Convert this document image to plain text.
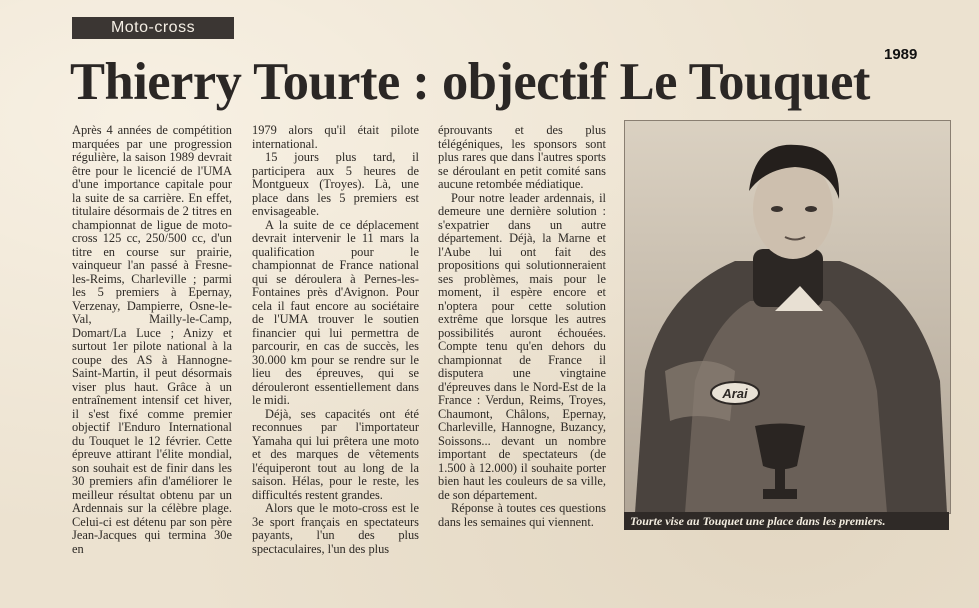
Moto-cross
1989
Thierry Tourte : objectif Le Touquet

Après 4 années de compétition marquées par une progression régulière, la saison 1989 devrait être pour le licencié de l'UMA d'une importance capitale pour la suite de sa carrière. En effet, titulaire désormais de 2 titres en championnat de ligue de moto-cross 125 cc, 250/500 cc, d'un titre en course sur prairie, vainqueur l'an passé à Fresne-les-Reims, Charleville ; parmi les 5 premiers à Epernay, Verzenay, Dampierre, Osne-le-Val, Mailly-le-Camp, Domart/La Luce ; Anizy et surtout 1er pilote national à la coupe des AS à Hannogne-Saint-Martin, il peut désormais viser plus haut. Grâce à un entraînement intensif cet hiver, il s'est fixé comme premier objectif l'Enduro International du Touquet le 12 février. Cette épreuve attirant l'élite mondial, son souhait est de finir dans les 30 premiers afin d'améliorer le meilleur résultat obtenu par un Ardennais sur la célèbre plage. Celui-ci est détenu par son père Jean-Jacques qui termina 30e en

1979 alors qu'il était pilote international.

15 jours plus tard, il participera aux 5 heures de Montgueux (Troyes). Là, une place dans les 5 premiers est envisageable.

A la suite de ce déplacement devrait intervenir le 11 mars la qualification pour le championnat de France national qui se déroulera à Pernes-les-Fontaines près d'Avignon. Pour cela il faut encore au sociétaire de l'UMA trouver le soutien financier qui lui permettra de parcourir, en cas de succès, les 30.000 km pour se rendre sur le lieu des épreuves, qui se dérouleront essentiellement dans le midi.

Déjà, ses capacités ont été reconnues par l'importateur Yamaha qui lui prêtera une moto et des marques de vêtements l'équiperont tout au long de la saison. Hélas, pour le reste, les difficultés restent grandes.

Alors que le moto-cross est le 3e sport français en spectateurs payants, l'un des plus spectaculaires, l'un des plus

éprouvants et des plus télégéniques, les sponsors sont plus rares que dans l'autres sports se déroulant en petit comité sans aucune retombée médiatique.

Pour notre leader ardennais, il demeure une dernière solution : s'expatrier dans un autre département. Déjà, la Marne et l'Aube lui ont fait des propositions qui solutionneraient ses problèmes, mais pour le moment, il espère encore et n'optera pour cette solution extrême que lorsque les autres possibilités auront échouées. Compte tenu qu'en dehors du championnat de France il disputera une vingtaine d'épreuves dans le Nord-Est de la France : Verdun, Reims, Troyes, Chaumont, Châlons, Epernay, Charleville, Hannogne, Buzancy, Soissons... devant un nombre important de spectateurs (de 1.500 à 12.000) il souhaite porter bien haut les couleurs de sa ville, de son département.

Réponse à toutes ces questions dans les semaines qui viennent.

Arai
Tourte vise au Touquet une place dans les premiers.
